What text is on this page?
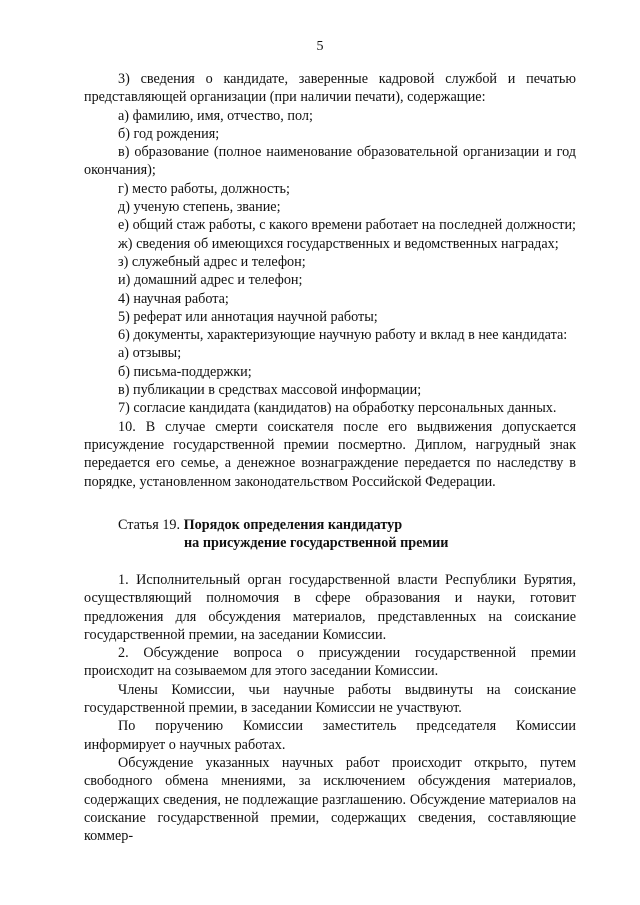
5

3) сведения о кандидате, заверенные кадровой службой и печатью представляющей организации (при наличии печати), содержащие:

а) фамилию, имя, отчество, пол;

б) год рождения;

в) образование (полное наименование образовательной организации и год окончания);

г) место работы, должность;

д) ученую степень, звание;

е) общий стаж работы, с какого времени работает на последней должности;

ж) сведения об имеющихся государственных и ведомственных наградах;

з) служебный адрес и телефон;

и) домашний адрес и телефон;

4) научная работа;

5) реферат или аннотация научной работы;

6) документы, характеризующие научную работу и вклад в нее кандидата:

а) отзывы;

б) письма-поддержки;

в) публикации в средствах массовой информации;

7) согласие кандидата (кандидатов) на обработку персональных данных.

10. В случае смерти соискателя после его выдвижения допускается присуждение государственной премии посмертно. Диплом, нагрудный знак передается его семье, а денежное вознаграждение передается по наследству в порядке, установленном законодательством Российской Федерации.

Статья 19. Порядок определения кандидатур
на присуждение государственной премии

1. Исполнительный орган государственной власти Республики Бурятия, осуществляющий полномочия в сфере образования и науки, готовит предложения для обсуждения материалов, представленных на соискание государственной премии, на заседании Комиссии.

2. Обсуждение вопроса о присуждении государственной премии происходит на созываемом для этого заседании Комиссии.

Члены Комиссии, чьи научные работы выдвинуты на соискание государственной премии, в заседании Комиссии не участвуют.

По поручению Комиссии заместитель председателя Комиссии информирует о научных работах.

Обсуждение указанных научных работ происходит открыто, путем свободного обмена мнениями, за исключением обсуждения материалов, содержащих сведения, не подлежащие разглашению. Обсуждение материалов на соискание государственной премии, содержащих сведения, составляющие коммер-
